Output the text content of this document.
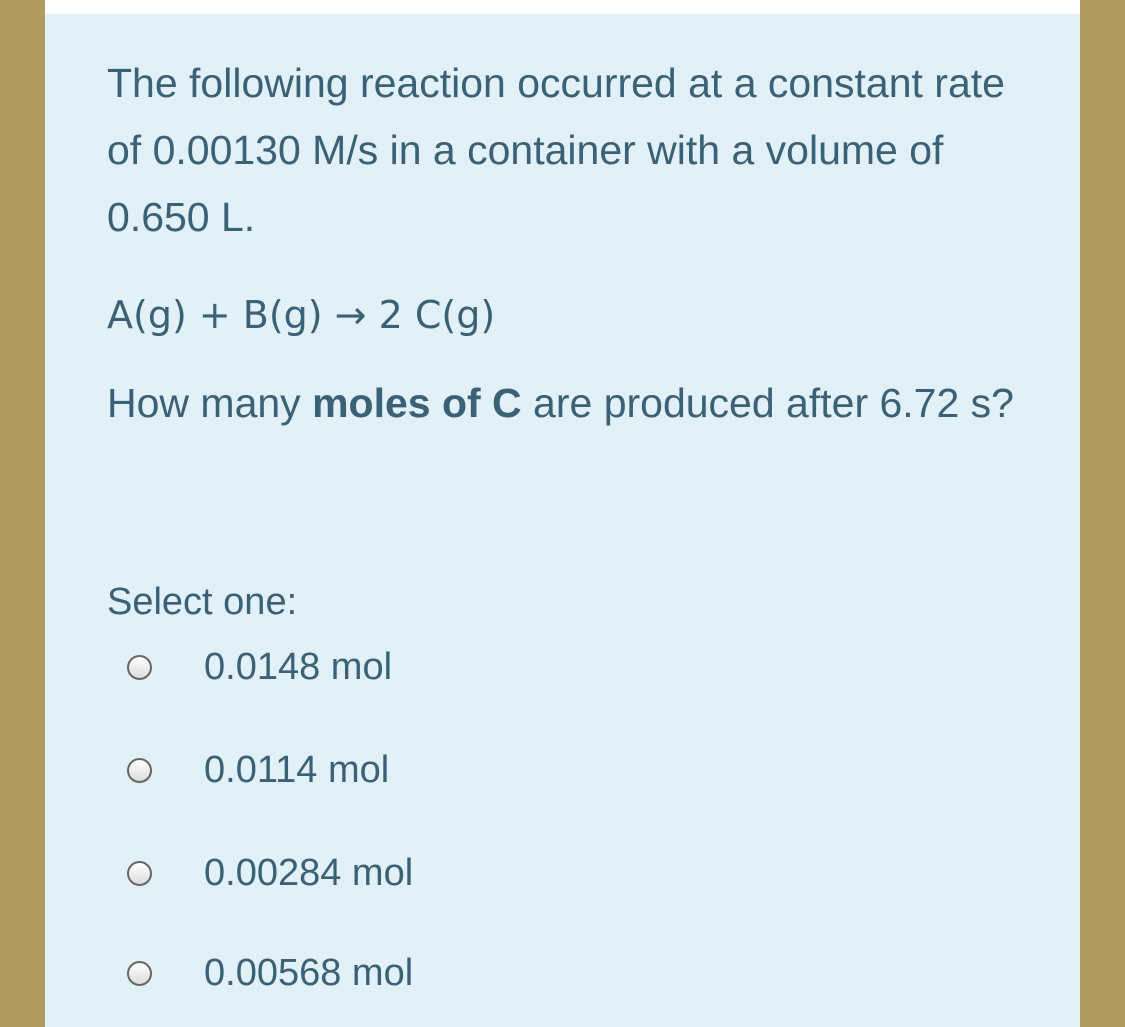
The following reaction occurred at a constant rate of 0.00130 M/s in a container with a volume of 0.650 L.

A(g) + B(g) → 2 C(g)
How many moles of C are produced after 6.72 s?
Select one:
0.0148 mol
0.0114 mol
0.00284 mol
0.00568 mol
